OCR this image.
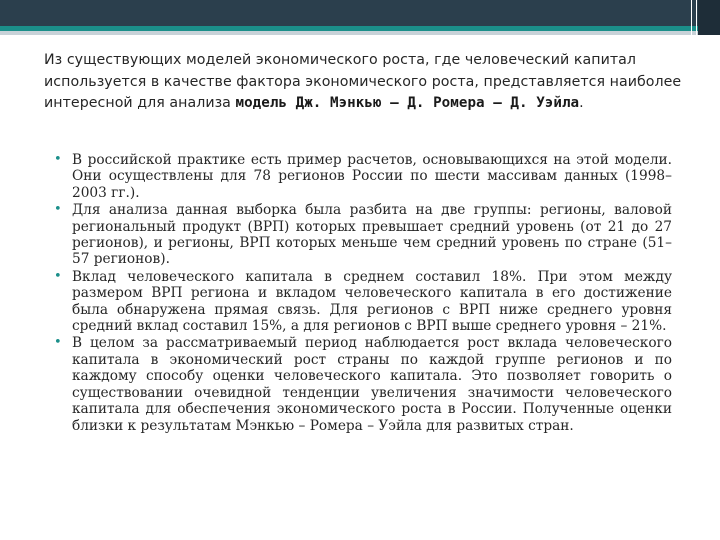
Из существующих моделей экономического роста, где человеческий капитал используется в качестве фактора экономического роста, представляется наиболее интересной для анализа модель Дж. Мэнкью – Д. Ромера – Д. Уэйла.
• В российской практике есть пример расчетов, основывающихся на этой модели. Они осуществлены для 78 регионов России по шести массивам данных (1998–2003 гг.).
• Для анализа данная выборка была разбита на две группы: регионы, валовой региональный продукт (ВРП) которых превышает средний уровень (от 21 до 27 регионов), и регионы, ВРП которых меньше чем средний уровень по стране (51–57 регионов).
• Вклад человеческого капитала в среднем составил 18%. При этом между размером ВРП региона и вкладом человеческого капитала в его достижение была обнаружена прямая связь. Для регионов с ВРП ниже среднего уровня средний вклад составил 15%, а для регионов с ВРП выше среднего уровня – 21%.
• В целом за рассматриваемый период наблюдается рост вклада человеческого капитала в экономический рост страны по каждой группе регионов и по каждому способу оценки человеческого капитала. Это позволяет говорить о существовании очевидной тенденции увеличения значимости человеческого капитала для обеспечения экономического роста в России. Полученные оценки близки к результатам Мэнкью – Ромера – Уэйла для развитых стран.
